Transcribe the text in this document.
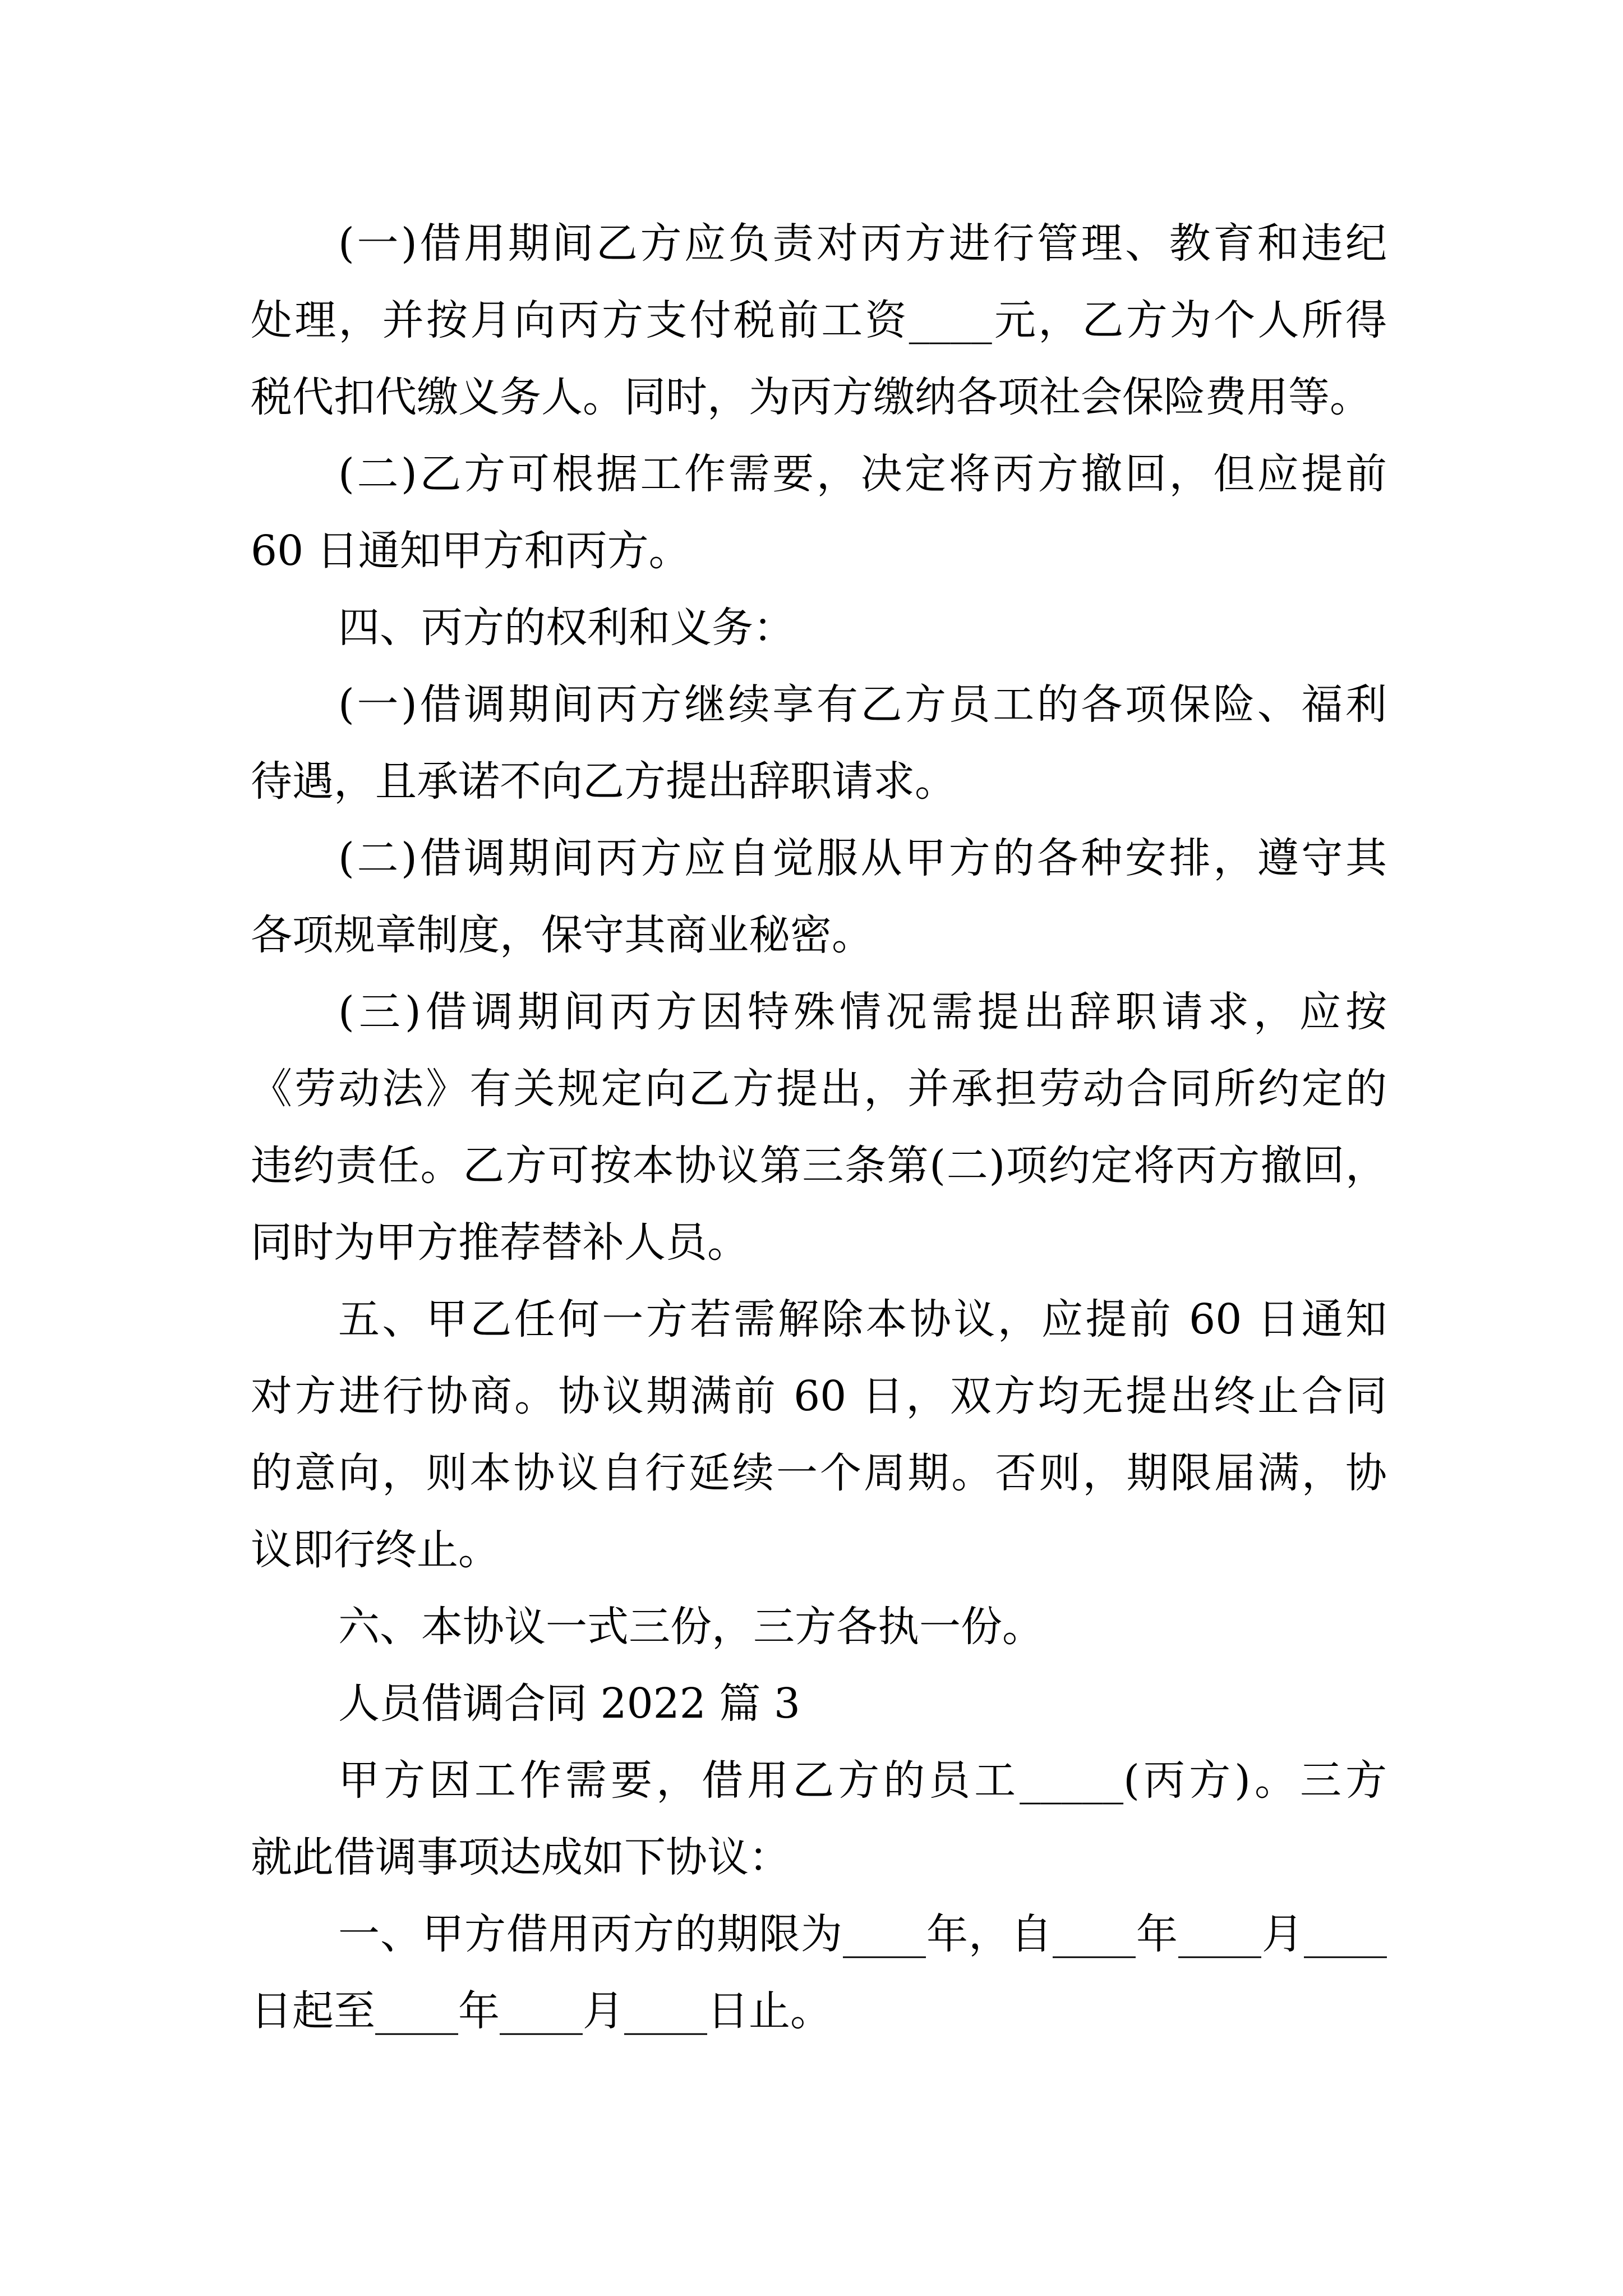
(一)借用期间乙方应负责对丙方进行管理、教育和违纪
处理，并按月向丙方支付税前工资____元，乙方为个人所得
税代扣代缴义务人。同时，为丙方缴纳各项社会保险费用等。
(二)乙方可根据工作需要，决定将丙方撤回，但应提前
60 日通知甲方和丙方。
四、丙方的权利和义务：
(一)借调期间丙方继续享有乙方员工的各项保险、福利
待遇，且承诺不向乙方提出辞职请求。
(二)借调期间丙方应自觉服从甲方的各种安排，遵守其
各项规章制度，保守其商业秘密。
(三)借调期间丙方因特殊情况需提出辞职请求，应按
《劳动法》有关规定向乙方提出，并承担劳动合同所约定的
违约责任。乙方可按本协议第三条第(二)项约定将丙方撤回，
同时为甲方推荐替补人员。
五、甲乙任何一方若需解除本协议，应提前 60 日通知
对方进行协商。协议期满前 60 日，双方均无提出终止合同
的意向，则本协议自行延续一个周期。否则，期限届满，协
议即行终止。
六、本协议一式三份，三方各执一份。
人员借调合同 2022 篇 3
甲方因工作需要，借用乙方的员工_____(丙方)。三方
就此借调事项达成如下协议：
一、甲方借用丙方的期限为____年，自____年____月____
日起至____年____月____日止。
